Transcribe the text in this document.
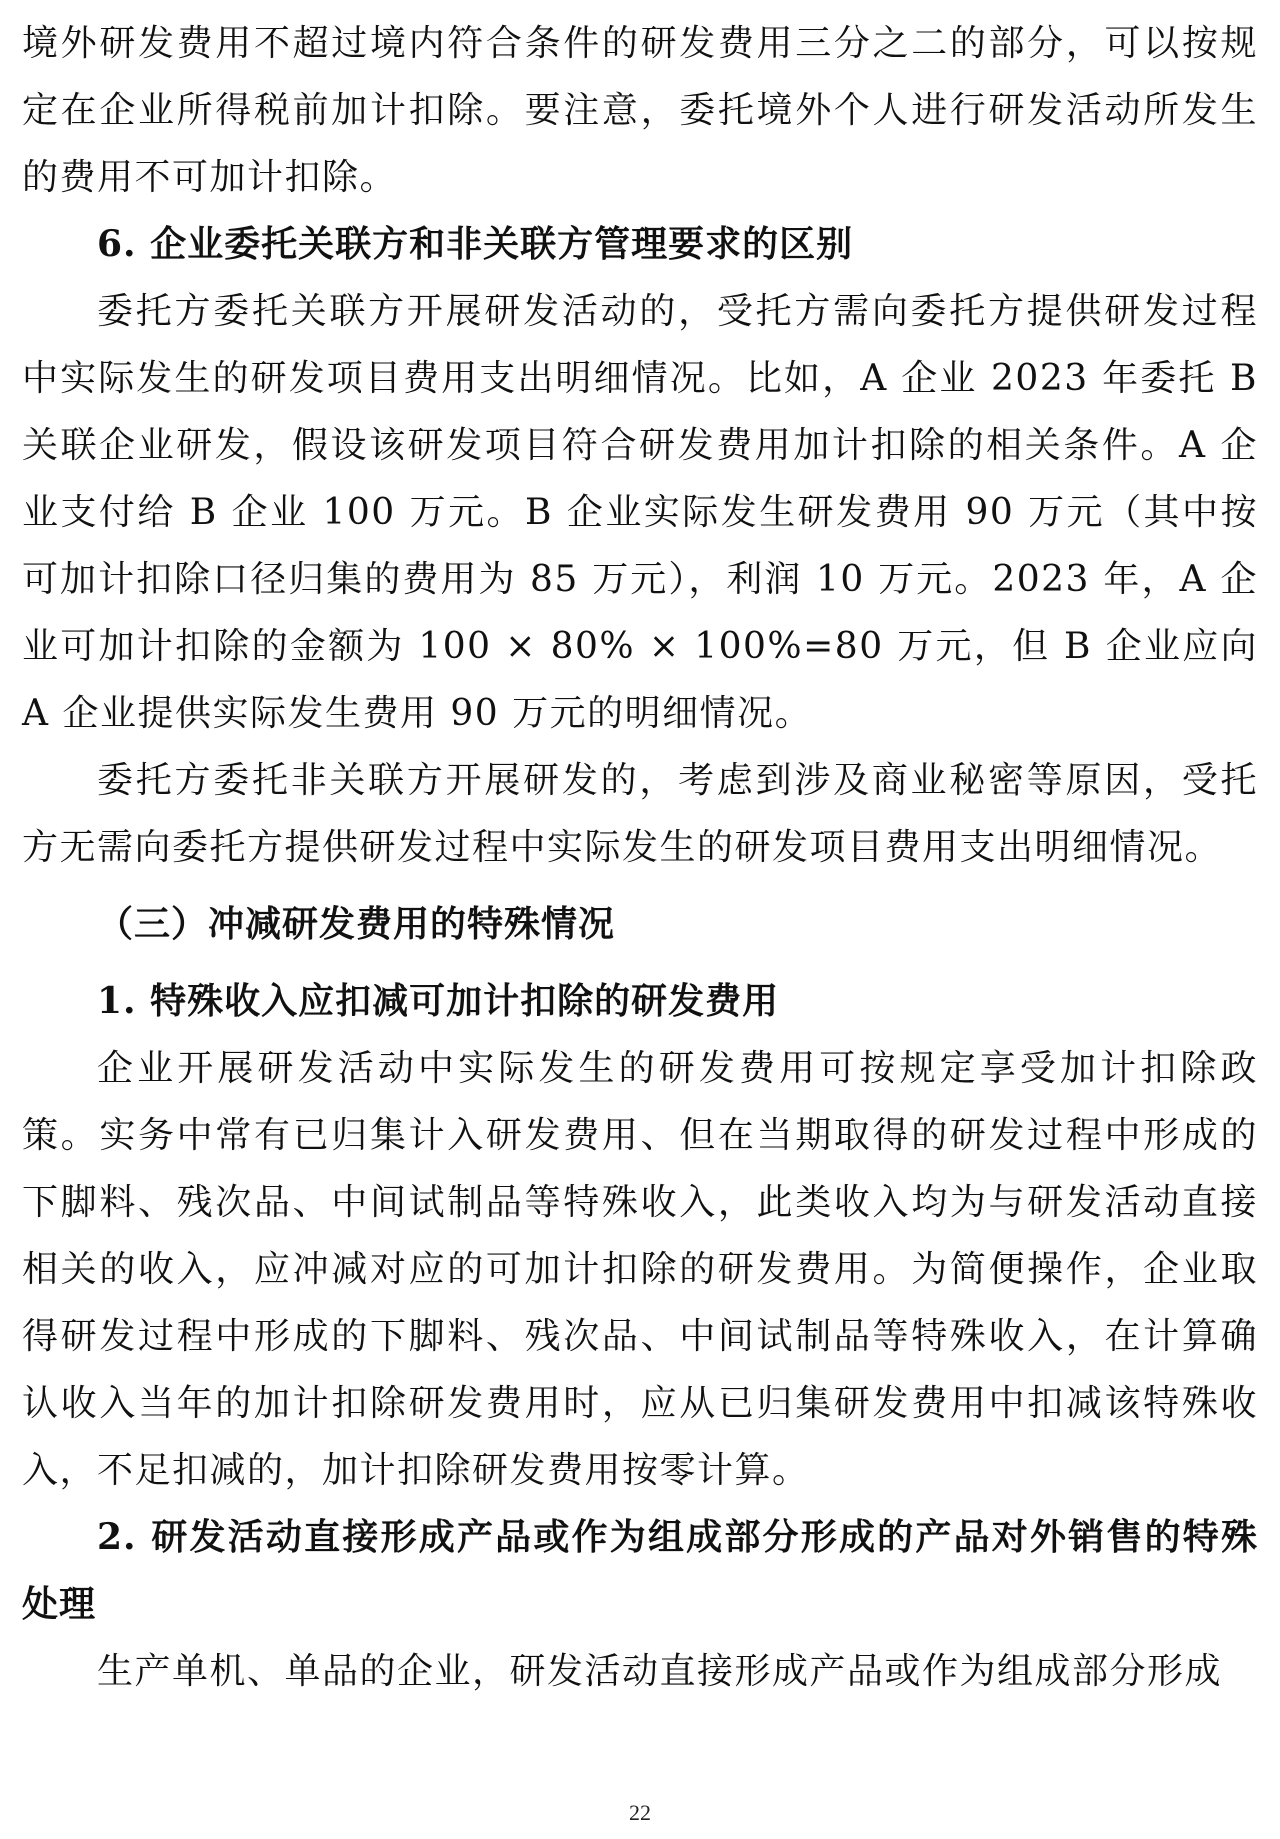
境外研发费用不超过境内符合条件的研发费用三分之二的部分，可以按规定在企业所得税前加计扣除。要注意，委托境外个人进行研发活动所发生的费用不可加计扣除。

6. 企业委托关联方和非关联方管理要求的区别

委托方委托关联方开展研发活动的，受托方需向委托方提供研发过程中实际发生的研发项目费用支出明细情况。比如，A 企业 2023 年委托 B 关联企业研发，假设该研发项目符合研发费用加计扣除的相关条件。A 企业支付给 B 企业 100 万元。B 企业实际发生研发费用 90 万元（其中按可加计扣除口径归集的费用为 85 万元），利润 10 万元。2023 年，A 企业可加计扣除的金额为 100 × 80% × 100%=80 万元，但 B 企业应向 A 企业提供实际发生费用 90 万元的明细情况。

委托方委托非关联方开展研发的，考虑到涉及商业秘密等原因，受托方无需向委托方提供研发过程中实际发生的研发项目费用支出明细情况。

（三）冲减研发费用的特殊情况

1. 特殊收入应扣减可加计扣除的研发费用

企业开展研发活动中实际发生的研发费用可按规定享受加计扣除政策。实务中常有已归集计入研发费用、但在当期取得的研发过程中形成的下脚料、残次品、中间试制品等特殊收入，此类收入均为与研发活动直接相关的收入，应冲减对应的可加计扣除的研发费用。为简便操作，企业取得研发过程中形成的下脚料、残次品、中间试制品等特殊收入，在计算确认收入当年的加计扣除研发费用时，应从已归集研发费用中扣减该特殊收入，不足扣减的，加计扣除研发费用按零计算。

2. 研发活动直接形成产品或作为组成部分形成的产品对外销售的特殊处理

生产单机、单品的企业，研发活动直接形成产品或作为组成部分形成

22
